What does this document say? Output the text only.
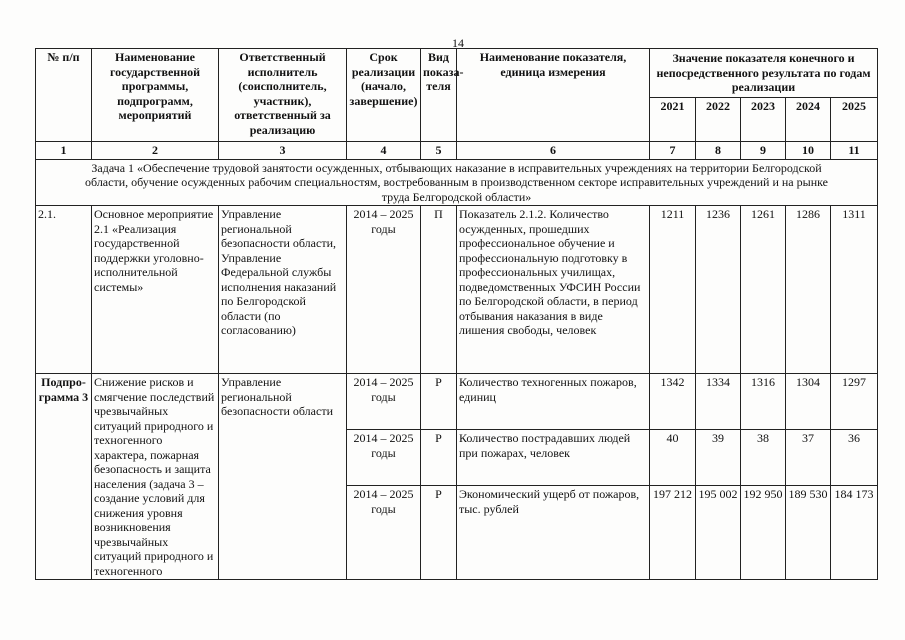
14
№ п/п	Наименование государственной программы, подпрограмм, мероприятий	Ответственный исполнитель (соисполнитель, участник), ответственный за реализацию	Срок реализации (начало, завершение)	Вид показа-теля	Наименование показателя, единица измерения	Значение показателя конечного и непосредственного результата по годам реализации				
						2021	2022	2023	2024	2025
1	2	3	4	5	6	7	8	9	10	11
Задача 1 «Обеспечение трудовой занятости осужденных, отбывающих наказание в исправительных учреждениях на территории Белгородской области, обучение осужденных рабочим специальностям, востребованным в производственном секторе исправительных учреждений и на рынке труда Белгородской области»										
2.1.	Основное мероприятие 2.1 «Реализация государственной поддержки уголовно-исполнительной системы»	Управление региональной безопасности области, Управление Федеральной службы исполнения наказаний по Белгородской области (по согласованию)	2014 – 2025 годы	П	Показатель 2.1.2. Количество осужденных, прошедших профессиональное обучение и профессиональную подготовку в профессиональных училищах, подведомственных УФСИН России по Белгородской области, в период отбывания наказания в виде лишения свободы, человек	1211	1236	1261	1286	1311
Подпро-грамма 3	Снижение рисков и смягчение последствий чрезвычайных ситуаций природного и техногенного характера, пожарная безопасность и защита населения (задача 3 – создание условий для снижения уровня возникновения чрезвычайных ситуаций природного и техногенного	Управление региональной безопасности области	2014 – 2025 годы	Р	Количество техногенных пожаров, единиц	1342	1334	1316	1304	1297
			2014 – 2025 годы	Р	Количество пострадавших людей при пожарах, человек	40	39	38	37	36
			2014 – 2025 годы	Р	Экономический ущерб от пожаров, тыс. рублей	197 212	195 002	192 950	189 530	184 173
